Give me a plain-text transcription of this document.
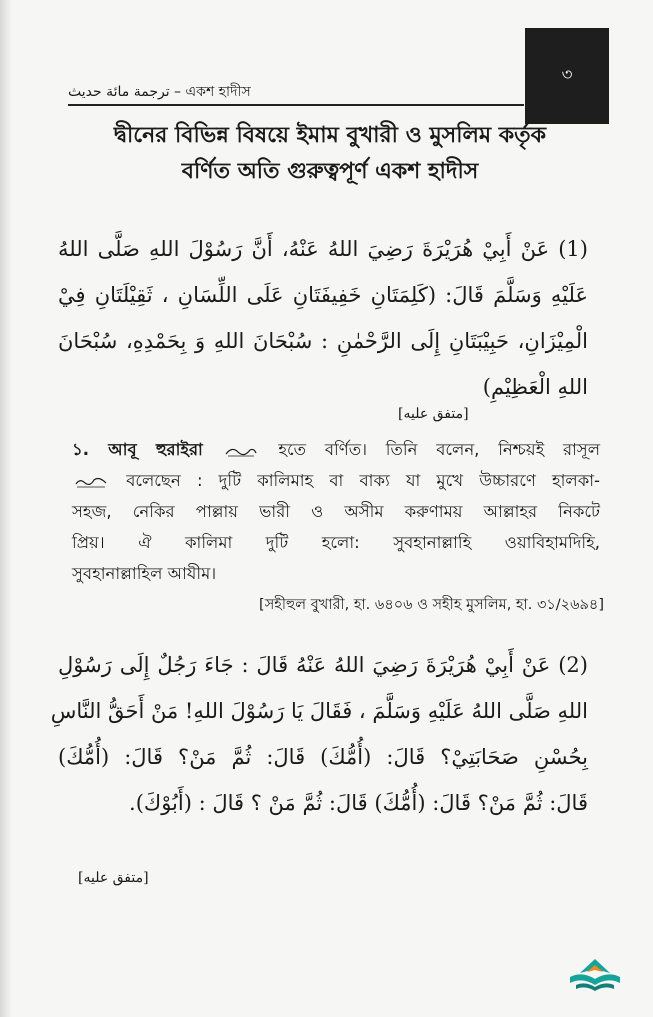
৩
ترجمة مائة حديث – একশ হাদীস
দ্বীনের বিভিন্ন বিষয়ে ইমাম বুখারী ও মুসলিম কর্তৃক
বর্ণিত অতি গুরুত্বপূর্ণ একশ হাদীস
(1) عَنْ أَبِيْ هُرَيْرَةَ رَضِيَ اللهُ عَنْهُ، أَنَّ رَسُوْلَ اللهِ صَلَّى اللهُ
عَلَيْهِ وَسَلَّمَ قَالَ: (كَلِمَتَانِ خَفِيفَتَانِ عَلَى اللِّسَانِ ، ثَقِيْلَتَانِ فِيْ
الْمِيْزَانِ، حَبِيْبَتَانِ إِلَى الرَّحْمٰنِ : سُبْحَانَ اللهِ وَ بِحَمْدِهِ، سُبْحَانَ
اللهِ الْعَظِيْمِ)
[متفق عليه]
১. আবূ হুরাইরা	হতে বর্ণিত। তিনি বলেন, নিশ্চয়ই রাসূল
বলেছেন : দুটি কালিমাহ বা বাক্য যা মুখে উচ্চারণে হালকা-
সহজ, নেকির পাল্লায় ভারী ও অসীম করুণাময় আল্লাহর নিকটে
প্রিয়। ঐ কালিমা দুটি হলো: সুবহানাল্লাহি ওয়াবিহামদিহি,
সুবহানাল্লাহিল আযীম।
[সহীহুল বুখারী, হা. ৬৪০৬ ও সহীহ মুসলিম, হা. ৩১/২৬৯৪]
(2) عَنْ أَبِيْ هُرَيْرَةَ رَضِيَ اللهُ عَنْهُ قَالَ : جَاءَ رَجُلٌ إِلَى رَسُوْلِ
اللهِ صَلَّى اللهُ عَلَيْهِ وَسَلَّمَ ، فَقَالَ يَا رَسُوْلَ اللهِ! مَنْ أَحَقُّ النَّاسِ
بِحُسْنِ صَحَابَتِيْ؟ قَالَ: (أُمُّكَ) قَالَ: ثُمَّ مَنْ؟ قَالَ: (أُمُّكَ)
قَالَ: ثُمَّ مَنْ؟ قَالَ: (أُمُّكَ) قَالَ: ثُمَّ مَنْ ؟ قَالَ : (أَبُوْكَ).
[متفق عليه]
